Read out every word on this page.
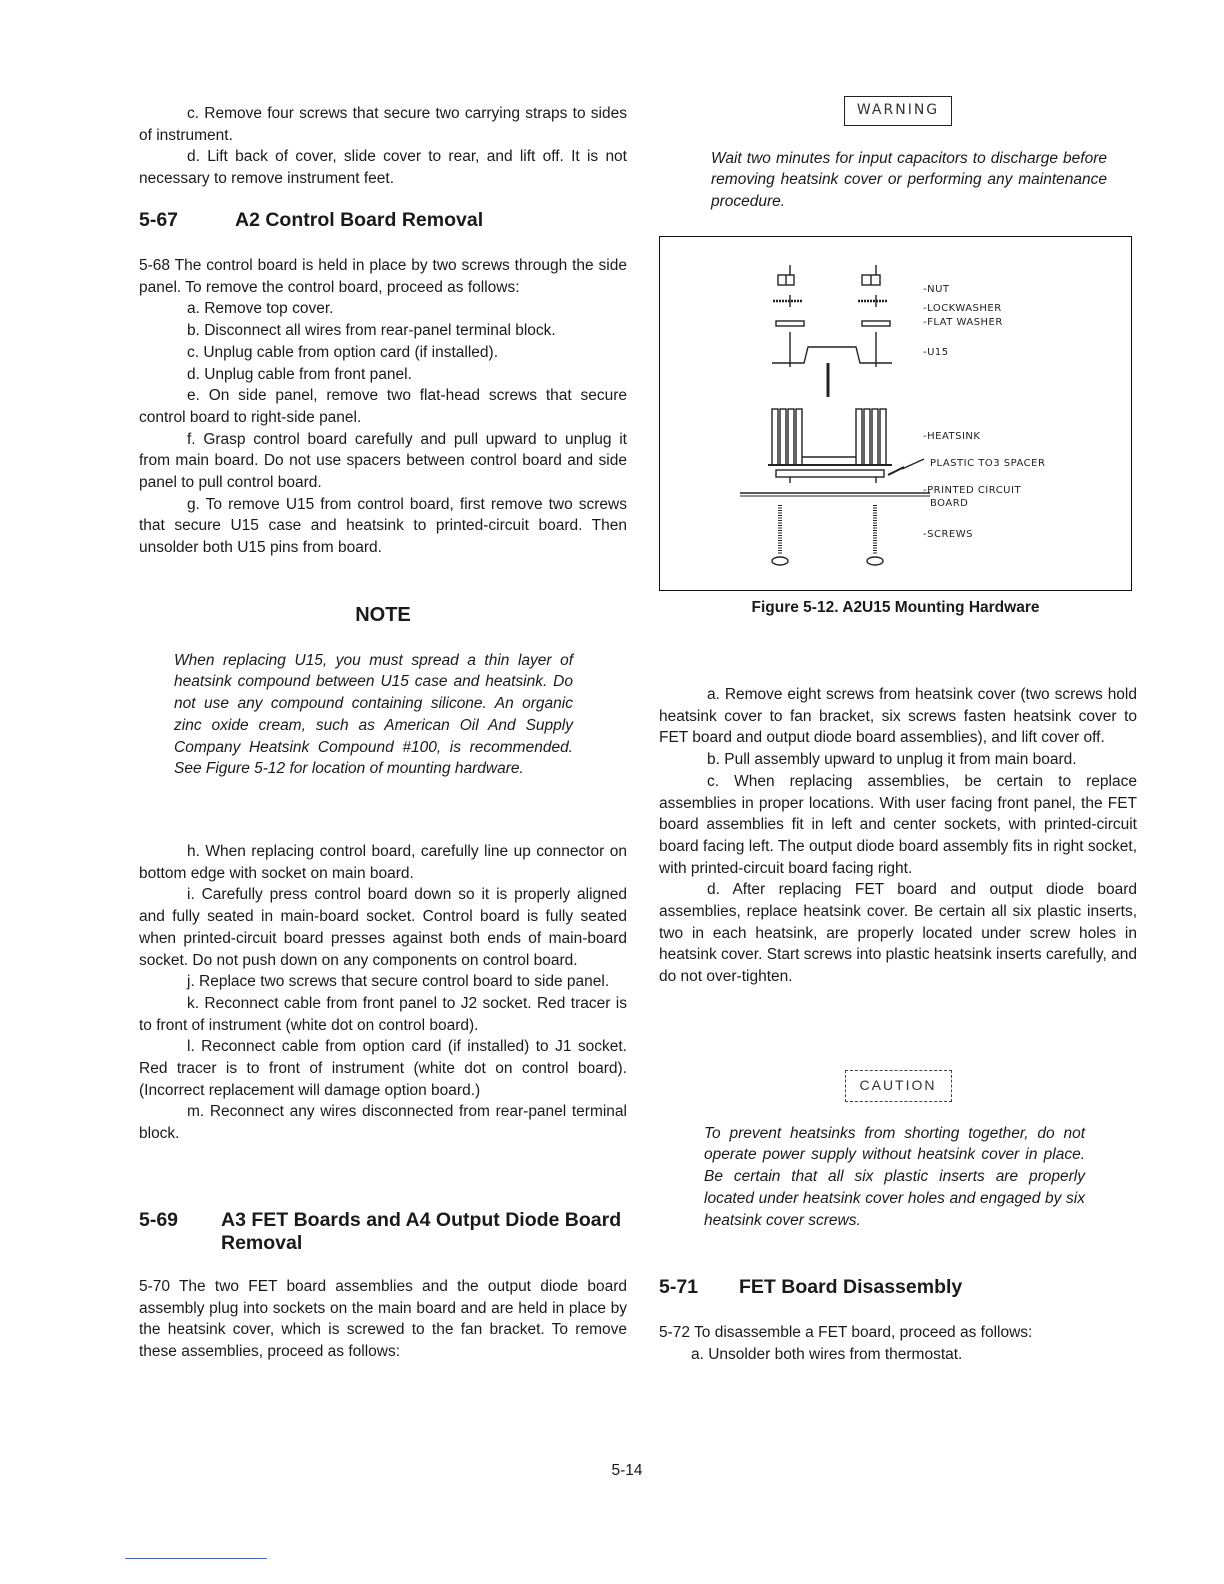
c. Remove four screws that secure two carrying straps to sides of instrument.

d. Lift back of cover, slide cover to rear, and lift off. It is not necessary to remove instrument feet.

5-67	A2 Control Board Removal

5-68 The control board is held in place by two screws through the side panel. To remove the control board, proceed as follows:

a. Remove top cover.

b. Disconnect all wires from rear-panel terminal block.

c. Unplug cable from option card (if installed).

d. Unplug cable from front panel.

e. On side panel, remove two flat-head screws that secure control board to right-side panel.

f. Grasp control board carefully and pull upward to unplug it from main board. Do not use spacers between control board and side panel to pull control board.

g. To remove U15 from control board, first remove two screws that secure U15 case and heatsink to printed-circuit board. Then unsolder both U15 pins from board.

NOTE

When replacing U15, you must spread a thin layer of heatsink compound between U15 case and heatsink. Do not use any compound containing silicone. An organic zinc oxide cream, such as American Oil And Supply Company Heatsink Compound #100, is recommended. See Figure 5-12 for location of mounting hardware.

h. When replacing control board, carefully line up connector on bottom edge with socket on main board.

i. Carefully press control board down so it is properly aligned and fully seated in main-board socket. Control board is fully seated when printed-circuit board presses against both ends of main-board socket. Do not push down on any components on control board.

j. Replace two screws that secure control board to side panel.

k. Reconnect cable from front panel to J2 socket. Red tracer is to front of instrument (white dot on control board).

l. Reconnect cable from option card (if installed) to J1 socket. Red tracer is to front of instrument (white dot on control board). (Incorrect replacement will damage option board.)

m. Reconnect any wires disconnected from rear-panel terminal block.

5-69	A3 FET Boards and A4 Output Diode Board Removal

5-70 The two FET board assemblies and the output diode board assembly plug into sockets on the main board and are held in place by the heatsink cover, which is screwed to the fan bracket. To remove these assemblies, proceed as follows:

WARNING

Wait two minutes for input capacitors to discharge before removing heatsink cover or performing any maintenance procedure.

-NUT
-LOCKWASHER
-FLAT WASHER
-U15
-HEATSINK
PLASTIC TO3 SPACER
-PRINTED CIRCUIT
BOARD
-SCREWS
Figure 5-12. A2U15 Mounting Hardware

a. Remove eight screws from heatsink cover (two screws hold heatsink cover to fan bracket, six screws fasten heatsink cover to FET board and output diode board assemblies), and lift cover off.

b. Pull assembly upward to unplug it from main board.

c. When replacing assemblies, be certain to replace assemblies in proper locations. With user facing front panel, the FET board assemblies fit in left and center sockets, with printed-circuit board facing left. The output diode board assembly fits in right socket, with printed-circuit board facing right.

d. After replacing FET board and output diode board assemblies, replace heatsink cover. Be certain all six plastic inserts, two in each heatsink, are properly located under screw holes in heatsink cover. Start screws into plastic heatsink inserts carefully, and do not over-tighten.

CAUTION

To prevent heatsinks from shorting together, do not operate power supply without heatsink cover in place. Be certain that all six plastic inserts are properly located under heatsink cover holes and engaged by six heatsink cover screws.

5-71	FET Board Disassembly

5-72 To disassemble a FET board, proceed as follows:

a. Unsolder both wires from thermostat.

5-14
